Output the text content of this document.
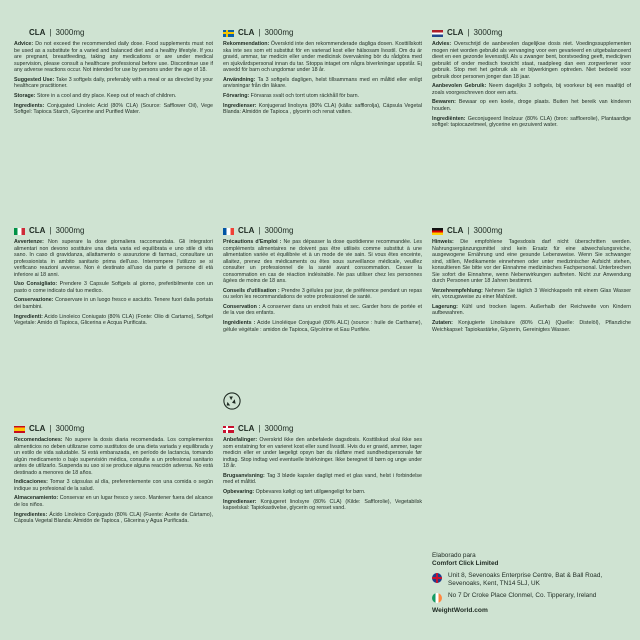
CLA | 3000mg

Advice: Do not exceed the recommended daily dose. Food supplements must not be used as a substitute for a varied and balanced diet and a healthy lifestyle. If you are pregnant, breastfeeding, taking any medications or are under medical supervision, please consult a healthcare professional before use. Discontinue use if any adverse reactions occur. Not intended for use by persons under the age of 18.

Suggested Use: Take 3 softgels daily, preferably with a meal or as directed by your healthcare practitioner.

Storage: Store in a cool and dry place. Keep out of reach of children.

Ingredients: Conjugated Linoleic Acid (80% CLA) (Source: Safflower Oil), Vege Softgel: Tapioca Starch, Glycerine and Purified Water.

CLA | 3000mg

Rekommendation: Överskrid inte den rekommenderade dagliga dosen. Kosttillskott ska inte ses som ett substitut för en varierad kost eller hälsosam livsstil. Om du är gravid, ammar, tar medicin eller under medicinsk övervakning bör du rådgöra med en sjukvårdspersonal innan du tar. Stoppa intaget om några biverkningar uppstår. Ej avsedd för barn och ungdomar under 18 år.

Användning: Ta 3 softgels dagligen, helst tillsammans med en måltid eller enligt anvisningar från din läkare.

Förvaring: Förvaras svalt och torrt utom räckhåll för barn.

Ingredienser: Konjugerad linolsyra (80% CLA) (källa: safflorolja), Cápsula Vegetal Blanda: Almidón de Tapioca , glycerin och renat vatten.

CLA | 3000mg

Advies: Overschrijd de aanbevolen dagelijkse dosis niet. Voedingssupplementen mogen niet worden gebruikt als vervanging voor een gevarieerd en uitgebalanceerd dieet en een gezonde levensstijl. Als u zwanger bent, borstvoeding geeft, medicijnen gebruikt of onder medisch toezicht staat, raadpleeg dan een zorgverlener voor gebruik. Stop met het gebruik als er bijwerkingen optreden. Niet bedoeld voor gebruik door personen jonger dan 18 jaar.

Aanbevolen Gebruik: Neem dagelijks 3 softgels, bij voorkeur bij een maaltijd of zoals voorgeschreven door een arts.

Bewaren: Bewaar op een koele, droge plaats. Buiten het bereik van kinderen houden.

Ingrediënten: Geconjugeerd linolzuur (80% CLA) (bron: saffloerolie), Plantaardige softgel: tapiocazetmeel, glycerine en gezuiverd water.

CLA | 3000mg

Avvertenze: Non superare la dose giornaliera raccomandata. Gli integratori alimentari non devono sostituire una dieta varia ed equilibrata e uno stile di vita sano. In caso di gravidanza, allattamento o assunzione di farmaci, consultare un professionista in ambito sanitario prima dell'uso. Interrompere l'utilizzo se si verificano reazioni avverse. Non è destinato all'uso da parte di persone di età inferiore ai 18 anni.

Uso Consigliato: Prendere 3 Capsule Softgels al giorno, preferibilmente con un pasto o come indicato dal tuo medico.

Conservazione: Conservare in un luogo fresco e asciutto. Tenere fuori dalla portata dei bambini.

Ingredienti: Acido Linoleico Coniugato (80% CLA) (Fonte: Olio di Cartamo), Softgel Vegetale: Amido di Tapioca, Glicerina e Acqua Purificata.

CLA | 3000mg

Précautions d'Emploi : Ne pas dépasser la dose quotidienne recommandée. Les compléments alimentaires ne doivent pas être utilisés comme substitut à une alimentation variée et équilibrée et à un mode de vie sain. Si vous êtes enceinte, allaitez, prenez des médicaments ou êtes sous surveillance médicale, veuillez consulter un professionnel de la santé avant consommation. Cesser la consommation en cas de réaction indésirable. Ne pas utiliser chez les personnes âgées de moins de 18 ans.

Conseils d'utilisation : Prendre 3 gélules par jour, de préférence pendant un repas ou selon les recommandations de votre professionnel de santé.

Conservation : A conserver dans un endroit frais et sec. Garder hors de portée et de la vue des enfants.

Ingrédients : Acide Linoléique Conjugué (80% ALC) (source : huile de Carthame), gélule végétale : amidon de Tapioca, Glycérine et Eau Purifiée.

CLA | 3000mg

Hinweis: Die empfohlene Tagesdosis darf nicht überschritten werden. Nahrungsergänzungsmittel sind kein Ersatz für eine abwechslungsreiche, ausgewogene Ernährung und eine gesunde Lebensweise. Wenn Sie schwanger sind, stillen, Medikamente einnehmen oder unter medizinischer Aufsicht stehen, konsultieren Sie bitte vor der Einnahme medizinisches Fachpersonal. Unterbrechen Sie sofort die Einnahme, wenn Nebenwirkungen auftreten. Nicht zur Anwendung durch Personen unter 18 Jahren bestimmt.

Verzehrempfehlung: Nehmen Sie täglich 3 Weichkapseln mit einem Glas Wasser ein, vorzugsweise zu einer Mahlzeit.

Lagerung: Kühl und trocken lagern. Außerhalb der Reichweite von Kindern aufbewahren.

Zutaten: Konjugierte Linolsäure (80% CLA) (Quelle: Distelöl), Pflanzliche Weichkapsel: Tapiokastärke, Glyzerin, Gereinigtes Wasser.

CLA | 3000mg

Recomendaciones: No supere la dosis diaria recomendada. Los complementos alimenticios no deben utilizarse como sustitutos de una dieta variada y equilibrada y un estilo de vida saludable. Si está embarazada, en período de lactancia, tomando algún medicamento o bajo supervisión médica, consulte a un profesional sanitario antes de utilizarlo. Suspenda su uso si se produce alguna reacción adversa. No está destinado a menores de 18 años.

Indicaciones: Tomar 3 cápsulas al día, preferentemente con una comida o según indique su profesional de la salud.

Almacenamiento: Conservar en un lugar fresco y seco. Mantener fuera del alcance de los niños.

Ingredientes: Ácido Linoleico Conjugado (80% CLA) (Fuente: Aceite de Cártamo), Cápsula Vegetal Blanda: Almidón de Tapioca , Glicerina y Agua Purificada.

CLA | 3000mg

Anbefalinger: Overskrid ikke den anbefalede dagsdosis. Kosttilskud skal ikke ses som erstatning for en varieret kost eller sund livsstil. Hvis du er gravid, ammer, tager medicin eller er under lægeligt opsyn bør du rådføre med sundhedspersonale før indtag. Stop indtag ved eventuelle bivirkninger. Ikke beregnet til børn og unge under 18 år.

Brugsanvisning: Tag 3 bløde kapsler dagligt med et glas vand, helst i forbindelse med et måltid.

Opbevaring: Opbevares køligt og tørt utilgængeligt for børn.

Ingredienser: Konjugeret linolsyre (80% CLA) (Kilde: Safflorolie), Vegetabilsk kapselskal: Tapiokastivelse, glycerin og renset vand.

Elaborado para

Comfort Click Limited

Unit 8, Sevenoaks Enterprise Centre, Bat & Ball Road, Sevenoaks, Kent, TN14 5LJ, UK
No 7 Dr Croke Place Clonmel, Co. Tipperary, Ireland
WeightWorld.com
